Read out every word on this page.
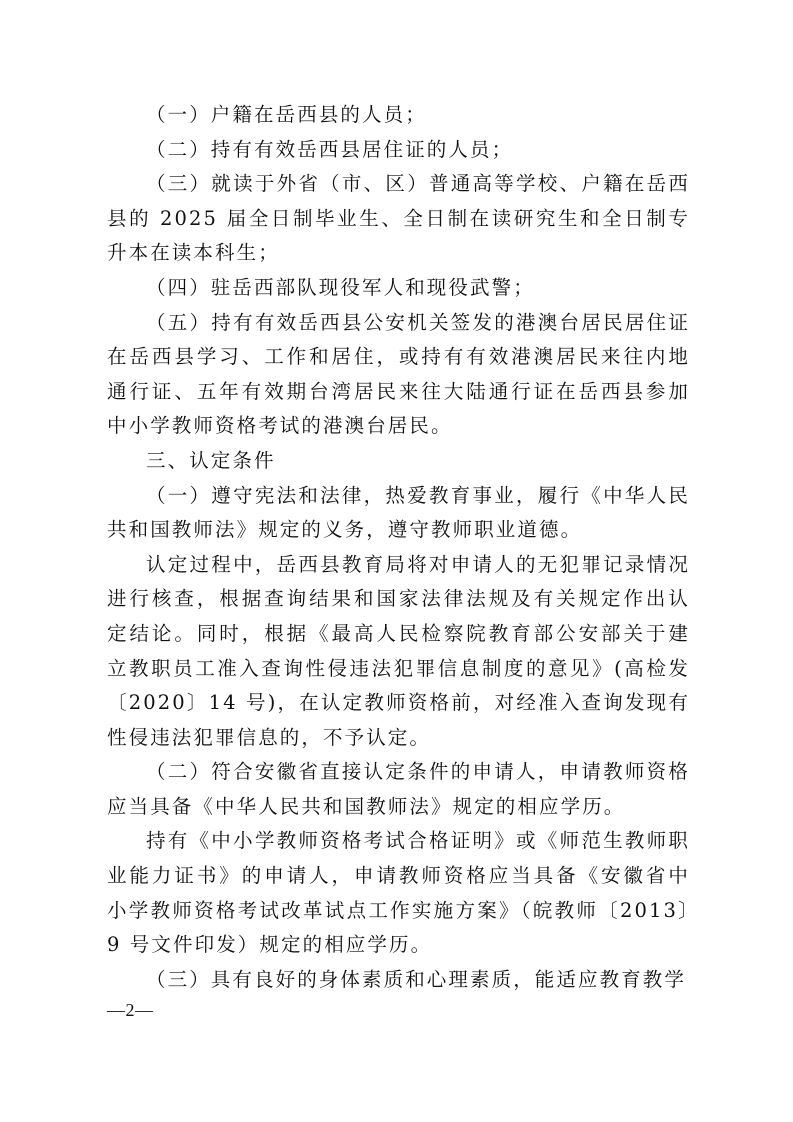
（一）户籍在岳西县的人员；

（二）持有有效岳西县居住证的人员；

（三）就读于外省（市、区）普通高等学校、户籍在岳西县的 2025 届全日制毕业生、全日制在读研究生和全日制专升本在读本科生；

（四）驻岳西部队现役军人和现役武警；

（五）持有有效岳西县公安机关签发的港澳台居民居住证在岳西县学习、工作和居住，或持有有效港澳居民来往内地通行证、五年有效期台湾居民来往大陆通行证在岳西县参加中小学教师资格考试的港澳台居民。

三、认定条件

（一）遵守宪法和法律，热爱教育事业，履行《中华人民共和国教师法》规定的义务，遵守教师职业道德。

认定过程中，岳西县教育局将对申请人的无犯罪记录情况进行核查，根据查询结果和国家法律法规及有关规定作出认定结论。同时，根据《最高人民检察院教育部公安部关于建立教职员工准入查询性侵违法犯罪信息制度的意见》(高检发〔2020〕14 号)，在认定教师资格前，对经准入查询发现有性侵违法犯罪信息的，不予认定。

（二）符合安徽省直接认定条件的申请人，申请教师资格应当具备《中华人民共和国教师法》规定的相应学历。

持有《中小学教师资格考试合格证明》或《师范生教师职业能力证书》的申请人，申请教师资格应当具备《安徽省中小学教师资格考试改革试点工作实施方案》（皖教师〔2013〕9 号文件印发）规定的相应学历。

（三）具有良好的身体素质和心理素质，能适应教育教学

—2—
